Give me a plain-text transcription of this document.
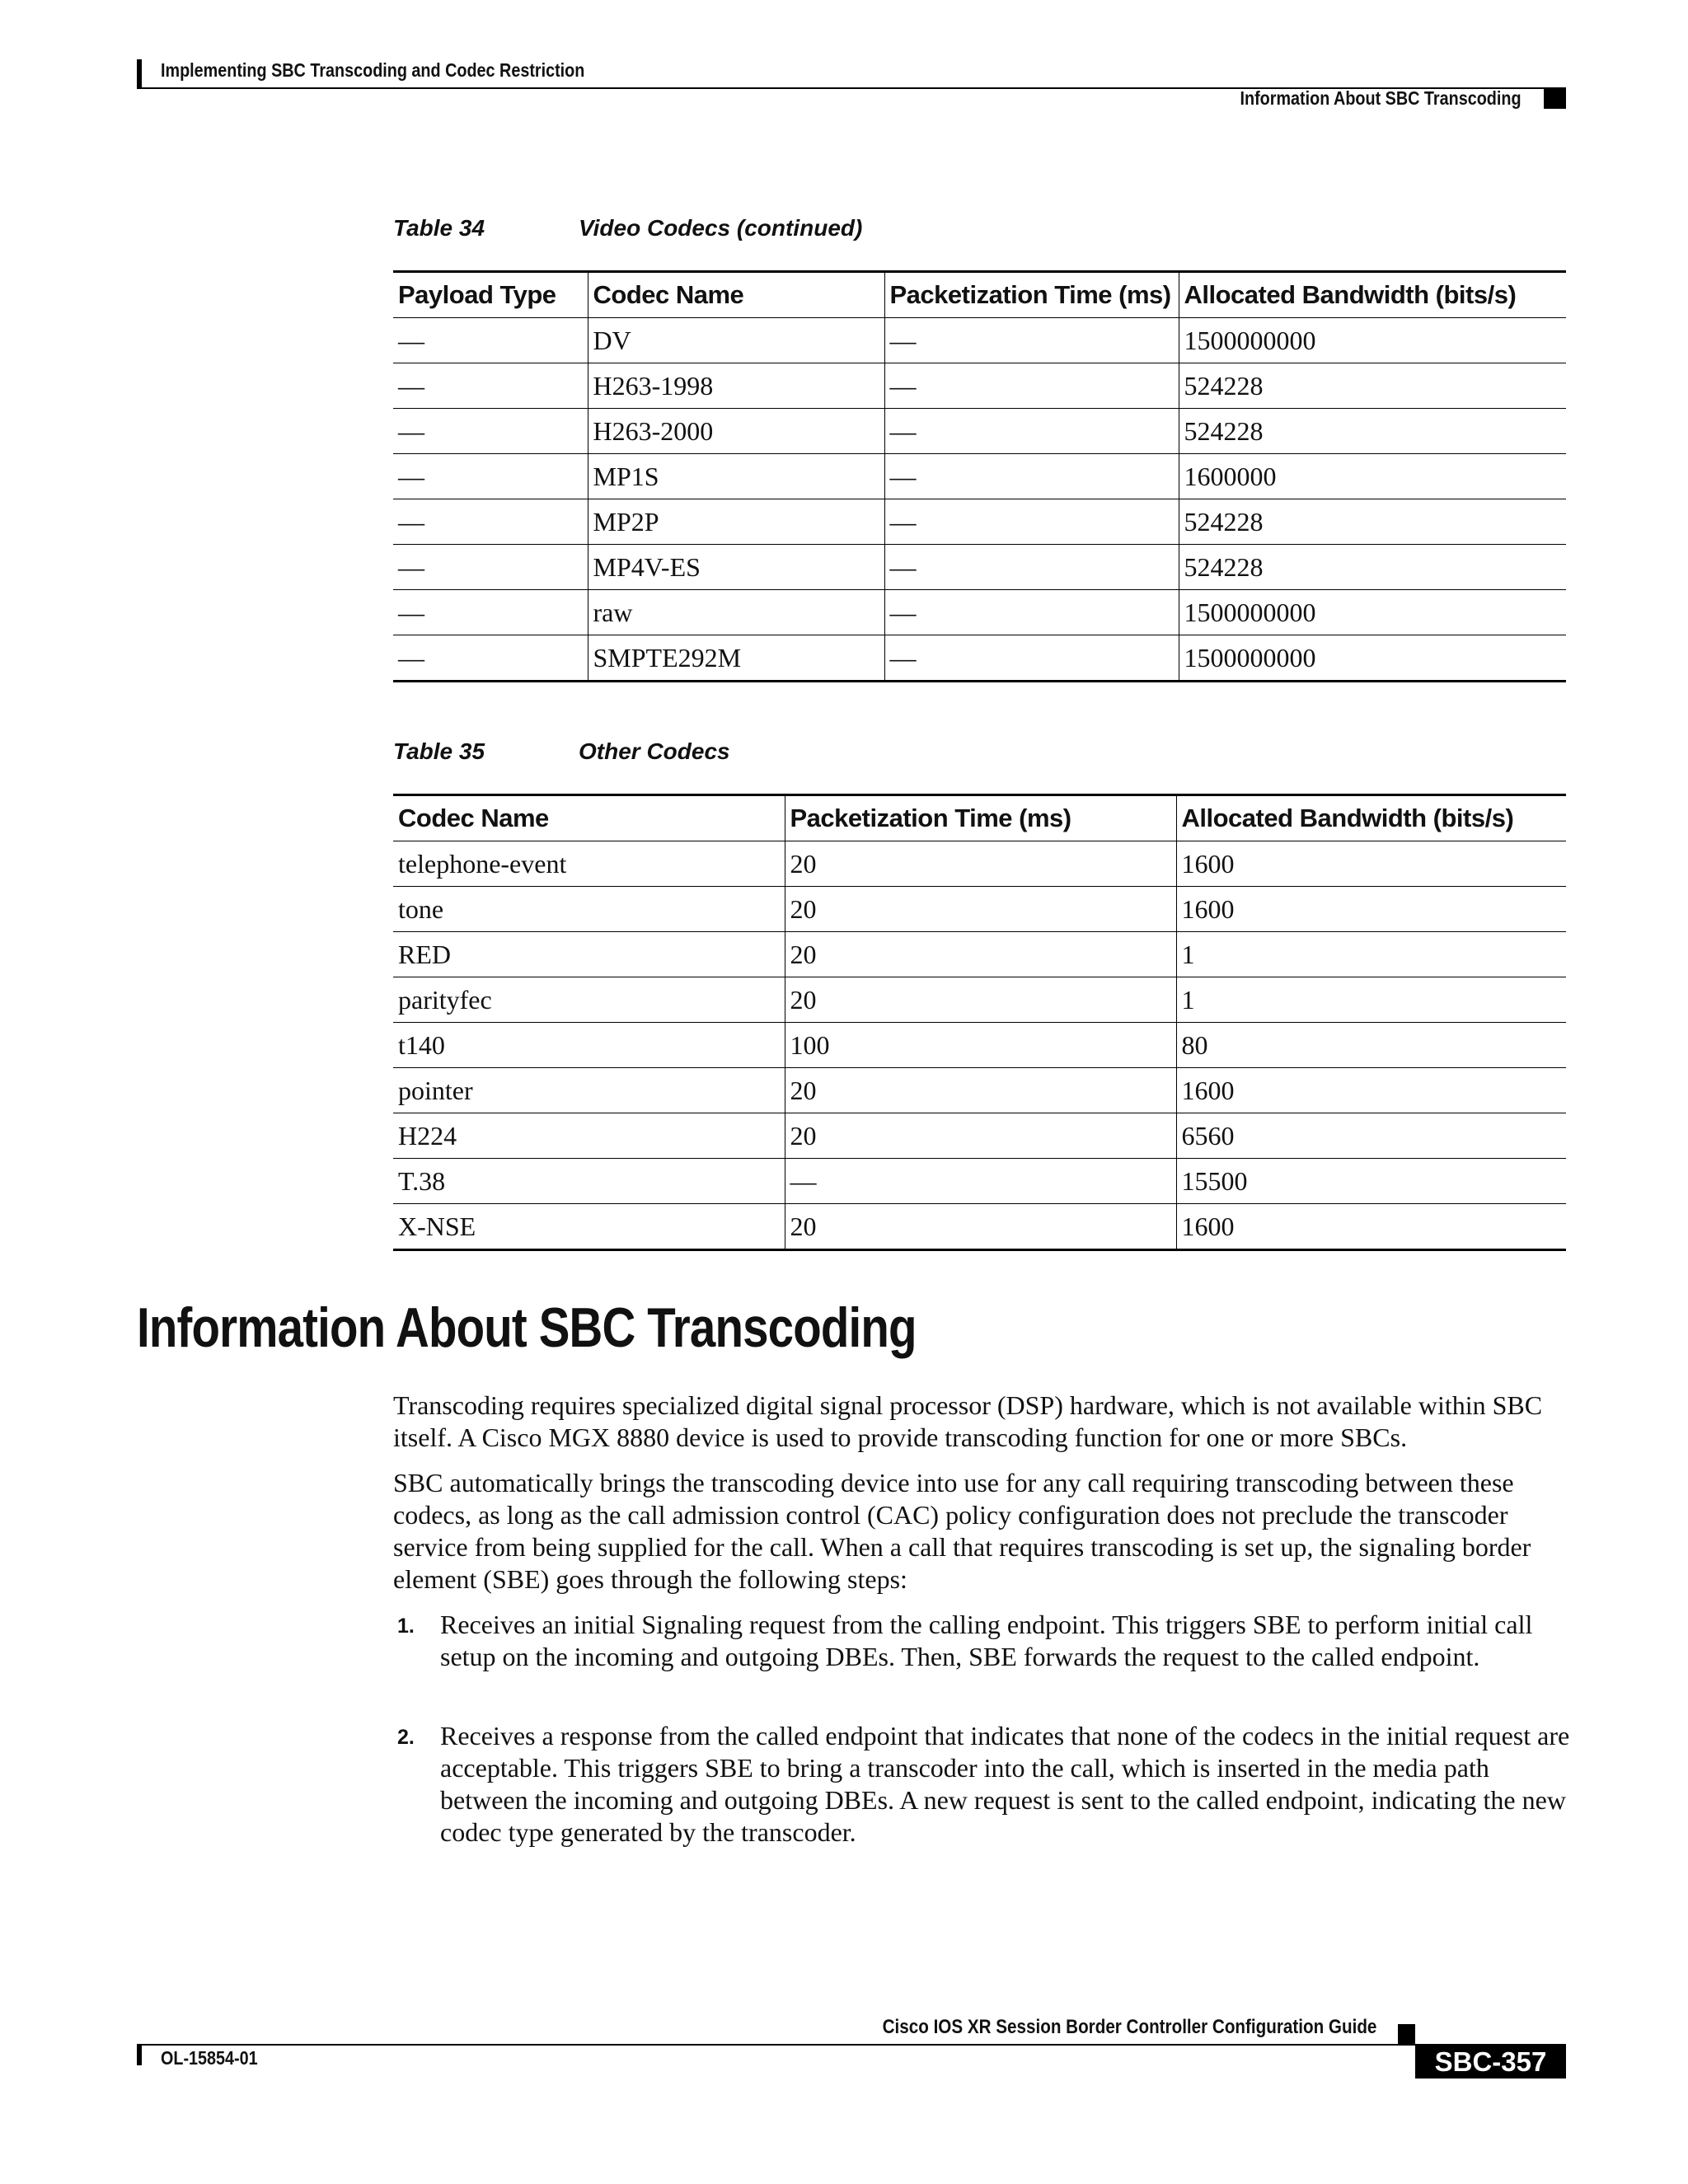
Implementing SBC Transcoding and Codec Restriction
Information About SBC Transcoding
Table 34	Video Codecs (continued)
Payload Type	Codec Name	Packetization Time (ms)	Allocated Bandwidth (bits/s)
—	DV	—	1500000000
—	H263-1998	—	524228
—	H263-2000	—	524228
—	MP1S	—	1600000
—	MP2P	—	524228
—	MP4V-ES	—	524228
—	raw	—	1500000000
—	SMPTE292M	—	1500000000
Table 35	Other Codecs
Codec Name	Packetization Time (ms)	Allocated Bandwidth (bits/s)
telephone-event	20	1600
tone	20	1600
RED	20	1
parityfec	20	1
t140	100	80
pointer	20	1600
H224	20	6560
T.38	—	15500
X-NSE	20	1600
Information About SBC Transcoding

Transcoding requires specialized digital signal processor (DSP) hardware, which is not available within SBC itself. A Cisco MGX 8880 device is used to provide transcoding function for one or more SBCs.

SBC automatically brings the transcoding device into use for any call requiring transcoding between these codecs, as long as the call admission control (CAC) policy configuration does not preclude the transcoder service from being supplied for the call. When a call that requires transcoding is set up, the signaling border element (SBE) goes through the following steps:

1. Receives an initial Signaling request from the calling endpoint. This triggers SBE to perform initial call setup on the incoming and outgoing DBEs. Then, SBE forwards the request to the called endpoint.
2. Receives a response from the called endpoint that indicates that none of the codecs in the initial request are acceptable. This triggers SBE to bring a transcoder into the call, which is inserted in the media path between the incoming and outgoing DBEs. A new request is sent to the called endpoint, indicating the new codec type generated by the transcoder.
Cisco IOS XR Session Border Controller Configuration Guide
OL-15854-01	SBC-357
